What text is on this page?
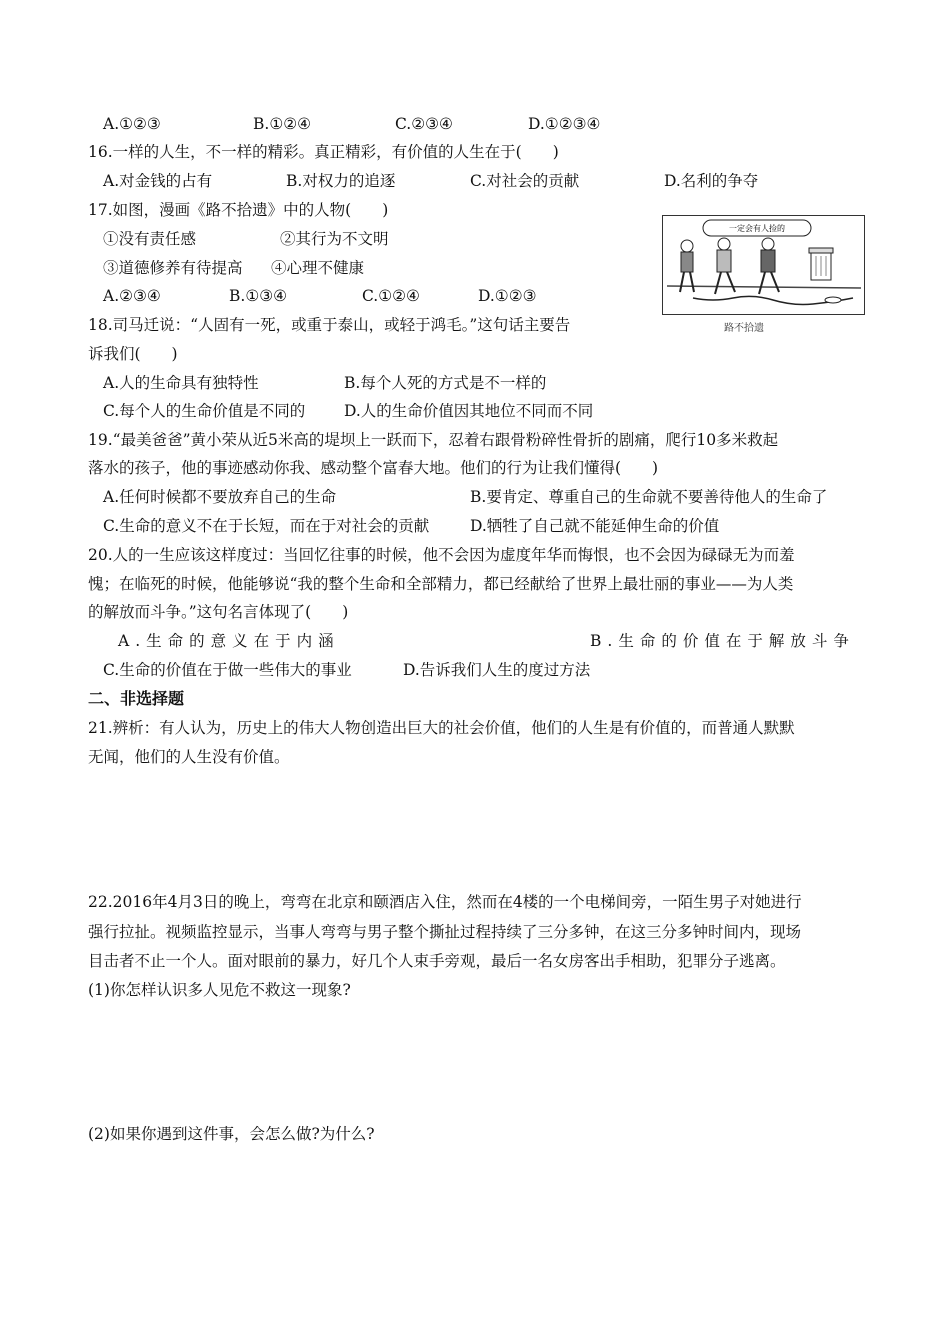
A.①②③	B.①②④	C.②③④	D.①②③④
16.一样的人生，不一样的精彩。真正精彩，有价值的人生在于(　　)
A.对金钱的占有	B.对权力的追逐	C.对社会的贡献	D.名利的争夺
17.如图，漫画《路不拾遗》中的人物(　　)
①没有责任感	②其行为不文明
③道德修养有待提高 ④心理不健康
A.②③④	B.①③④	C.①②④	D.①②③
一定会有人捡的
路不拾遗
18.司马迁说：“人固有一死，或重于泰山，或轻于鸿毛。”这句话主要告
诉我们(　　)
A.人的生命具有独特性	B.每个人死的方式是不一样的
C.每个人的生命价值是不同的	D.人的生命价值因其地位不同而不同
19.“最美爸爸”黄小荣从近5米高的堤坝上一跃而下，忍着右跟骨粉碎性骨折的剧痛，爬行10多米救起
落水的孩子，他的事迹感动你我、感动整个富春大地。他们的行为让我们懂得(　　)
A.任何时候都不要放弃自己的生命	B.要肯定、尊重自己的生命就不要善待他人的生命了
C.生命的意义不在于长短，而在于对社会的贡献	D.牺牲了自己就不能延伸生命的价值
20.人的一生应该这样度过：当回忆往事的时候，他不会因为虚度年华而悔恨，也不会因为碌碌无为而羞
愧；在临死的时候，他能够说“我的整个生命和全部精力，都已经献给了世界上最壮丽的事业——为人类
的解放而斗争。”这句名言体现了(　　)
A.生命的意义在于内涵	B.生命的价值在于解放斗争
C.生命的价值在于做一些伟大的事业	D.告诉我们人生的度过方法
二、非选择题
21.辨析：有人认为，历史上的伟大人物创造出巨大的社会价值，他们的人生是有价值的，而普通人默默
无闻，他们的人生没有价值。
22.2016年4月3日的晚上，弯弯在北京和颐酒店入住，然而在4楼的一个电梯间旁，一陌生男子对她进行
强行拉扯。视频监控显示，当事人弯弯与男子整个撕扯过程持续了三分多钟，在这三分多钟时间内，现场
目击者不止一个人。面对眼前的暴力，好几个人束手旁观，最后一名女房客出手相助，犯罪分子逃离。
(1)你怎样认识多人见危不救这一现象?
(2)如果你遇到这件事，会怎么做?为什么?
